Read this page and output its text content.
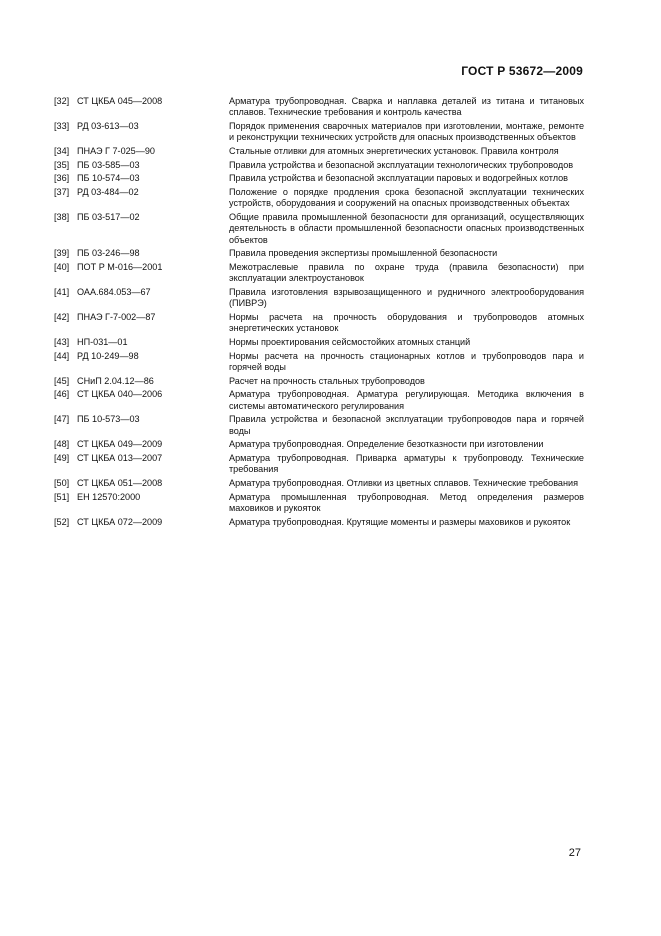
ГОСТ Р 53672—2009
[32] СТ ЦКБА 045—2008	Арматура трубопроводная. Сварка и наплавка деталей из титана и титановых сплавов. Технические требования и контроль качества
[33] РД 03-613—03	Порядок применения сварочных материалов при изготовлении, монтаже, ремонте и реконструкции технических устройств для опасных производственных объектов
[34] ПНАЭ Г 7-025—90	Стальные отливки для атомных энергетических установок. Правила контроля
[35] ПБ 03-585—03	Правила устройства и безопасной эксплуатации технологических трубопроводов
[36] ПБ 10-574—03	Правила устройства и безопасной эксплуатации паровых и водогрейных котлов
[37] РД 03-484—02	Положение о порядке продления срока безопасной эксплуатации технических устройств, оборудования и сооружений на опасных производственных объектах
[38] ПБ 03-517—02	Общие правила промышленной безопасности для организаций, осуществляющих деятельность в области промышленной безопасности опасных производственных объектов
[39] ПБ 03-246—98	Правила проведения экспертизы промышленной безопасности
[40] ПОТ Р М-016—2001	Межотраслевые правила по охране труда (правила безопасности) при эксплуатации электроустановок
[41] ОАА.684.053—67	Правила изготовления взрывозащищенного и рудничного электрооборудования (ПИВРЭ)
[42] ПНАЭ Г-7-002—87	Нормы расчета на прочность оборудования и трубопроводов атомных энергетических установок
[43] НП-031—01	Нормы проектирования сейсмостойких атомных станций
[44] РД 10-249—98	Нормы расчета на прочность стационарных котлов и трубопроводов пара и горячей воды
[45] СНиП 2.04.12—86	Расчет на прочность стальных трубопроводов
[46] СТ ЦКБА 040—2006	Арматура трубопроводная. Арматура регулирующая. Методика включения в системы автоматического регулирования
[47] ПБ 10-573—03	Правила устройства и безопасной эксплуатации трубопроводов пара и горячей воды
[48] СТ ЦКБА 049—2009	Арматура трубопроводная. Определение безотказности при изготовлении
[49] СТ ЦКБА 013—2007	Арматура трубопроводная. Приварка арматуры к трубопроводу. Технические требования
[50] СТ ЦКБА 051—2008	Арматура трубопроводная. Отливки из цветных сплавов. Технические требования
[51] ЕН 12570:2000	Арматура промышленная трубопроводная. Метод определения размеров маховиков и рукояток
[52] СТ ЦКБА 072—2009	Арматура трубопроводная. Крутящие моменты и размеры маховиков и рукояток
27
